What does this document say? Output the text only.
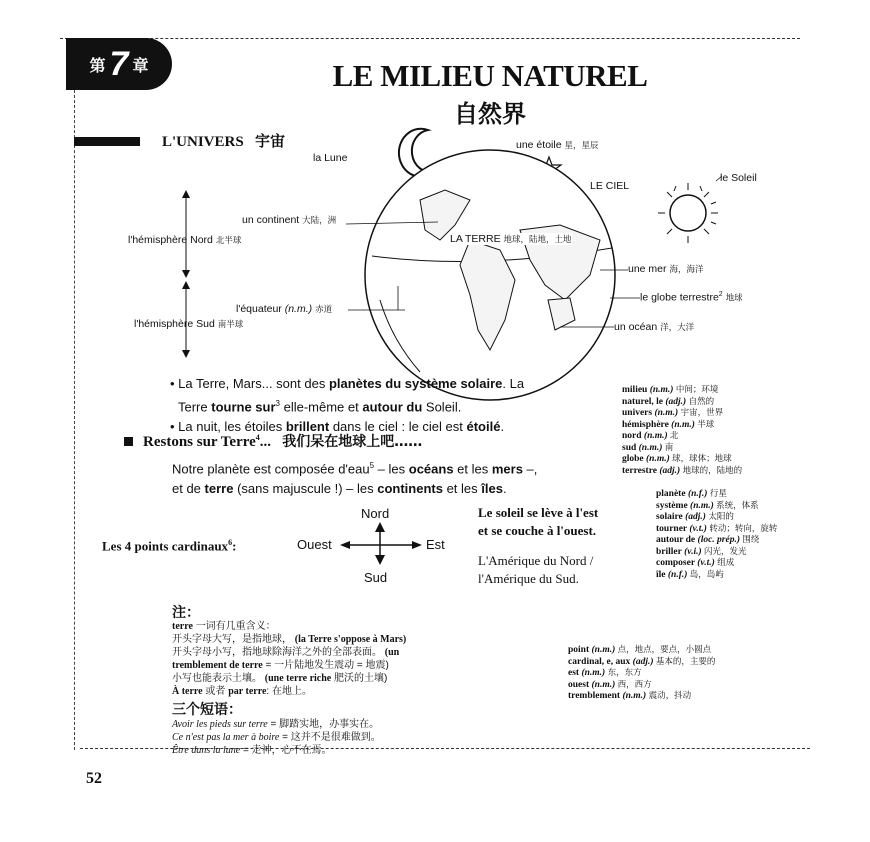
第 7 章	LE MILIEU NATUREL
自然界
L'UNIVERS 宇宙
la Lune
une étoile 星，星辰
LE CIEL
le Soleil
un continent 大陆，洲
l'hémisphère Nord 北半球	LA TERRE 地球，陆地，土地
une mer 海，海洋
le globe terrestre$^2$ 地球
l'équateur (n.m.) 赤道
l'hémisphère Sud 南半球	un océan 洋，大洋
• La Terre, Mars... sont des planètes du système solaire. La
Terre tourne sur$^3$ elle-même et autour du Soleil.
• La nuit, les étoiles brillent dans le ciel : le ciel est étoilé.
milieu (n.m.) 中间；环境
naturel, le (adj.) 自然的
univers (n.m.) 宇宙，世界
hémisphère (n.m.) 半球
nord (n.m.) 北
sud (n.m.) 南
globe (n.m.) 球，球体；地球
terrestre (adj.) 地球的，陆地的
Restons sur Terre$^4$... 我们呆在地球上吧……
Notre planète est composée d'eau$^5$ – les océans et les mers –,
et de terre (sans majuscule !) – les continents et les îles.
Les 4 points cardinaux$^6$:
Nord
Sud
Ouest	Est
Le soleil se lève à l'est
et se couche à l'ouest.
L'Amérique du Nord /
l'Amérique du Sud.
planète (n.f.) 行星
système (n.m.) 系统，体系
solaire (adj.) 太阳的
tourner (v.t.) 转动；转向，旋转
autour de (loc. prép.) 围绕
briller (v.i.) 闪光，发光
composer (v.t.) 组成
île (n.f.) 岛，岛屿
注：
terre 一词有几重含义：
开头字母大写，是指地球， (la Terre s'oppose à Mars)
开头字母小写，指地球除海洋之外的全部表面。 (un
tremblement de terre = 一片陆地发生震动 = 地震)
小写也能表示土壤。 (une terre riche 肥沃的土壤)
À terre 或者 par terre: 在地上。
三个短语：
Avoir les pieds sur terre = 脚踏实地，办事实在。
Ce n'est pas la mer à boire = 这并不是很难做到。
Être dans la lune = 走神，心不在焉。
point (n.m.) 点，地点，要点，小圆点
cardinal, e, aux (adj.) 基本的，主要的
est (n.m.) 东，东方
ouest (n.m.) 西，西方
tremblement (n.m.) 震动，抖动
52
